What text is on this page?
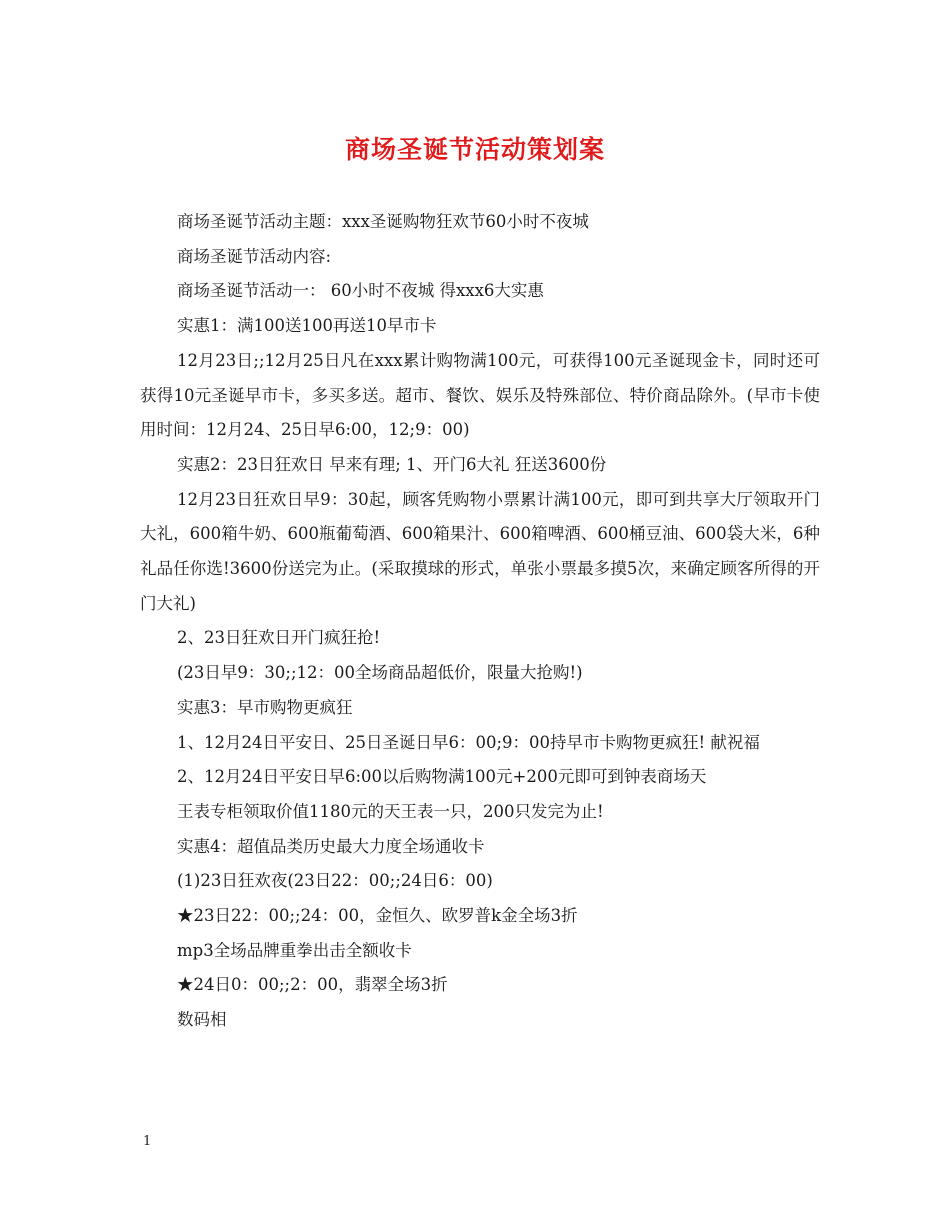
商场圣诞节活动策划案

商场圣诞节活动主题：xxx圣诞购物狂欢节60小时不夜城

商场圣诞节活动内容:

商场圣诞节活动一： 60小时不夜城 得xxx6大实惠

实惠1：满100送100再送10早市卡

12月23日;;12月25日凡在xxx累计购物满100元，可获得100元圣诞现金卡，同时还可获得10元圣诞早市卡，多买多送。超市、餐饮、娱乐及特殊部位、特价商品除外。(早市卡使用时间：12月24、25日早6:00，12;9：00)

实惠2：23日狂欢日 早来有理; 1、开门6大礼 狂送3600份

12月23日狂欢日早9：30起，顾客凭购物小票累计满100元，即可到共享大厅领取开门大礼，600箱牛奶、600瓶葡萄酒、600箱果汁、600箱啤酒、600桶豆油、600袋大米，6种礼品任你选!3600份送完为止。(采取摸球的形式，单张小票最多摸5次，来确定顾客所得的开门大礼)

2、23日狂欢日开门疯狂抢!

(23日早9：30;;12：00全场商品超低价，限量大抢购!)

实惠3：早市购物更疯狂

1、12月24日平安日、25日圣诞日早6：00;9：00持早市卡购物更疯狂! 献祝福

2、12月24日平安日早6:00以后购物满100元+200元即可到钟表商场天

王表专柜领取价值1180元的天王表一只，200只发完为止!

实惠4：超值品类历史最大力度全场通收卡

(1)23日狂欢夜(23日22：00;;24日6：00)

★23日22：00;;24：00，金恒久、欧罗普k金全场3折

mp3全场品牌重拳出击全额收卡

★24日0：00;;2：00，翡翠全场3折

数码相

1
